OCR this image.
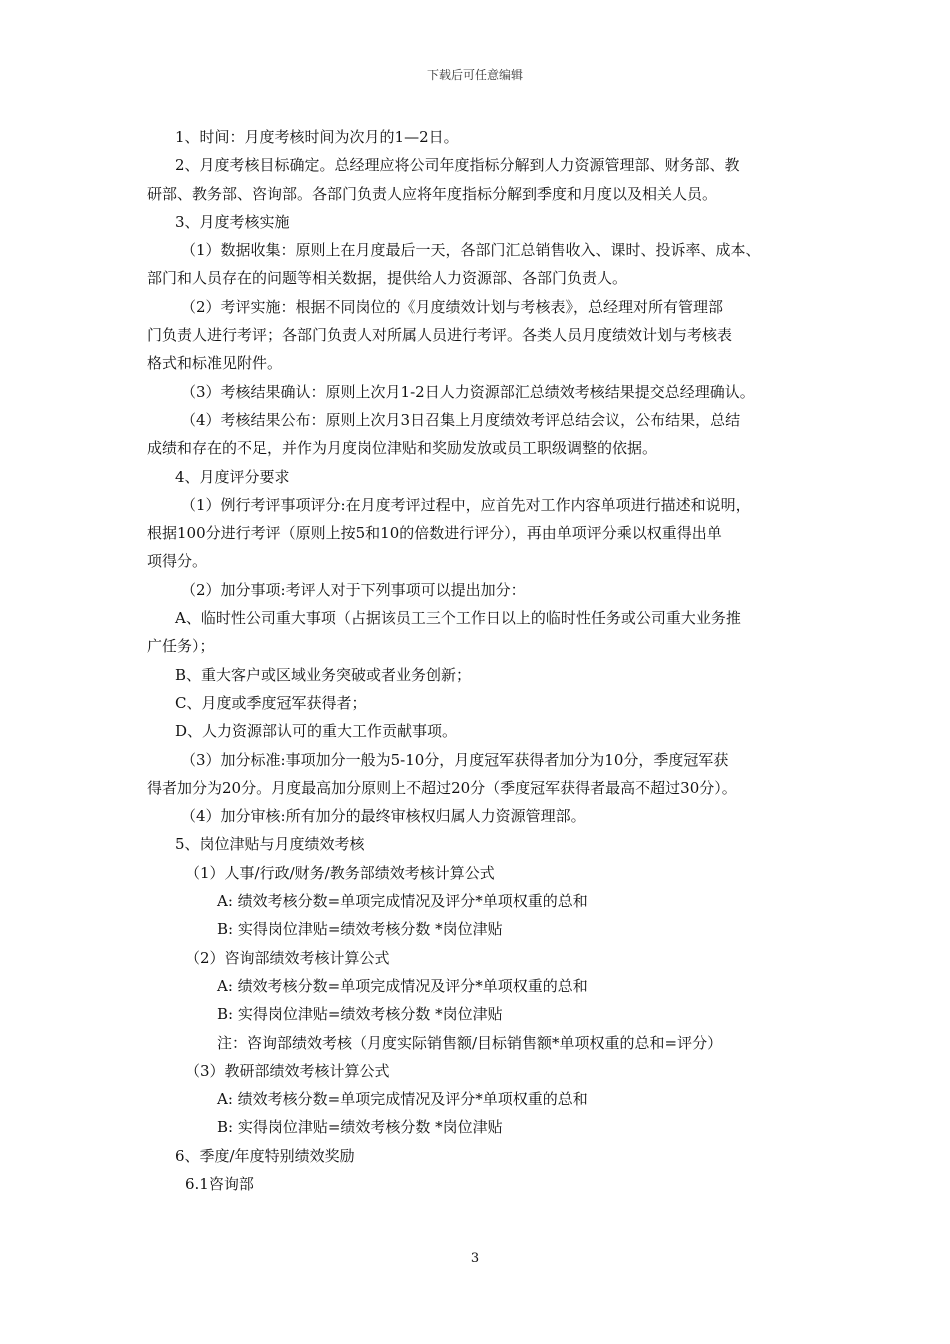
下载后可任意编辑

1、时间：月度考核时间为次月的1—2日。

2、月度考核目标确定。总经理应将公司年度指标分解到人力资源管理部、财务部、教

研部、教务部、咨询部。各部门负责人应将年度指标分解到季度和月度以及相关人员。

3、月度考核实施

（1）数据收集：原则上在月度最后一天，各部门汇总销售收入、课时、投诉率、成本、

部门和人员存在的问题等相关数据，提供给人力资源部、各部门负责人。

（2）考评实施：根据不同岗位的《月度绩效计划与考核表》，总经理对所有管理部

门负责人进行考评；各部门负责人对所属人员进行考评。各类人员月度绩效计划与考核表

格式和标准见附件。

（3）考核结果确认：原则上次月1-2日人力资源部汇总绩效考核结果提交总经理确认。

（4）考核结果公布：原则上次月3日召集上月度绩效考评总结会议，公布结果，总结

成绩和存在的不足，并作为月度岗位津贴和奖励发放或员工职级调整的依据。

4、月度评分要求

（1）例行考评事项评分:在月度考评过程中，应首先对工作内容单项进行描述和说明，

根据100分进行考评（原则上按5和10的倍数进行评分），再由单项评分乘以权重得出单

项得分。

（2）加分事项:考评人对于下列事项可以提出加分：

A、临时性公司重大事项（占据该员工三个工作日以上的临时性任务或公司重大业务推

广任务）；

B、重大客户或区域业务突破或者业务创新；

C、月度或季度冠军获得者；

D、人力资源部认可的重大工作贡献事项。

（3）加分标准:事项加分一般为5-10分，月度冠军获得者加分为10分，季度冠军获

得者加分为20分。月度最高加分原则上不超过20分（季度冠军获得者最高不超过30分）。

（4）加分审核:所有加分的最终审核权归属人力资源管理部。

5、岗位津贴与月度绩效考核

（1）人事/行政/财务/教务部绩效考核计算公式

A: 绩效考核分数=单项完成情况及评分*单项权重的总和

B: 实得岗位津贴=绩效考核分数 *岗位津贴

（2）咨询部绩效考核计算公式

A: 绩效考核分数=单项完成情况及评分*单项权重的总和

B: 实得岗位津贴=绩效考核分数 *岗位津贴

注：咨询部绩效考核（月度实际销售额/目标销售额*单项权重的总和=评分）

（3）教研部绩效考核计算公式

A: 绩效考核分数=单项完成情况及评分*单项权重的总和

B: 实得岗位津贴=绩效考核分数 *岗位津贴

6、季度/年度特别绩效奖励

6.1咨询部

3
